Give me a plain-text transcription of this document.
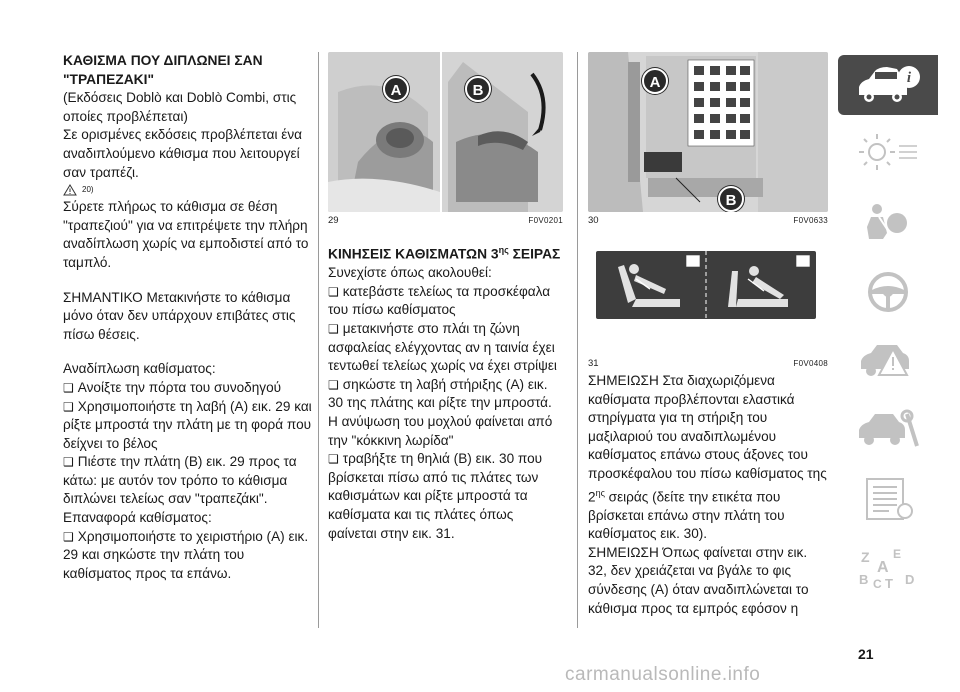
ΚΑΘΙΣΜΑ ΠΟΥ ΔΙΠΛΩΝΕΙ ΣΑΝ "ΤΡΑΠΕΖΑΚΙ"

(Εκδόσεις Doblò και Doblò Combi, στις οποίες προβλέπεται)

Σε ορισμένες εκδόσεις προβλέπεται ένα αναδιπλούμενο κάθισμα που λειτουργεί σαν τραπέζι.

20)

Σύρετε πλήρως το κάθισμα σε θέση "τραπεζιού" για να επιτρέψετε την πλήρη αναδίπλωση χωρίς να εμποδιστεί από το ταμπλό.

ΣΗΜΑΝΤΙΚΟ Μετακινήστε το κάθισμα μόνο όταν δεν υπάρχουν επιβάτες στις πίσω θέσεις.

Αναδίπλωση καθίσματος:

❑ Ανοίξτε την πόρτα του συνοδηγού

❑ Χρησιμοποιήστε τη λαβή (A) εικ. 29 και ρίξτε μπροστά την πλάτη με τη φορά που δείχνει το βέλος

❑ Πιέστε την πλάτη (B) εικ. 29 προς τα κάτω: με αυτόν τον τρόπο το κάθισμα διπλώνει τελείως σαν "τραπεζάκι".

Επαναφορά καθίσματος:

❑ Χρησιμοποιήστε το χειριστήριο (A) εικ. 29 και σηκώστε την πλάτη του καθίσματος προς τα επάνω.

A	B
29	F0V0201

ΚΙΝΗΣΕΙΣ ΚΑΘΙΣΜΑΤΩΝ $3^{\eta\varsigma}$ ΣΕΙΡΑΣ

Συνεχίστε όπως ακολουθεί:

❑ κατεβάστε τελείως τα προσκέφαλα του πίσω καθίσματος

❑ μετακινήστε στο πλάι τη ζώνη ασφαλείας ελέγχοντας αν η ταινία έχει τεντωθεί τελείως χωρίς να έχει στρίψει

❑ σηκώστε τη λαβή στήριξης (A) εικ. 30 της πλάτης και ρίξτε την μπροστά. Η ανύψωση του μοχλού φαίνεται από την "κόκκινη λωρίδα"

❑ τραβήξτε τη θηλιά (B) εικ. 30 που βρίσκεται πίσω από τις πλάτες των καθισμάτων και ρίξτε μπροστά τα καθίσματα και τις πλάτες όπως φαίνεται στην εικ. 31.

A
B
30	F0V0633
31	F0V0408

ΣΗΜΕΙΩΣΗ Στα διαχωριζόμενα καθίσματα προβλέπονται ελαστικά στηρίγματα για τη στήριξη του μαξιλαριού του αναδιπλωμένου καθίσματος επάνω στους άξονες του προσκέφαλου του πίσω καθίσματος της $2^{\eta\varsigma}$ σειράς (δείτε την ετικέτα που βρίσκεται επάνω στην πλάτη του καθίσματος εικ. 30).

ΣΗΜΕΙΩΣΗ Όπως φαίνεται στην εικ. 32, δεν χρειάζεται να βγάλε το φις σύνδεσης (A) όταν αναδιπλώνεται το κάθισμα προς τα εμπρός εφόσον η

i
Z E
A
B C T D
21
carmanualsonline.info
